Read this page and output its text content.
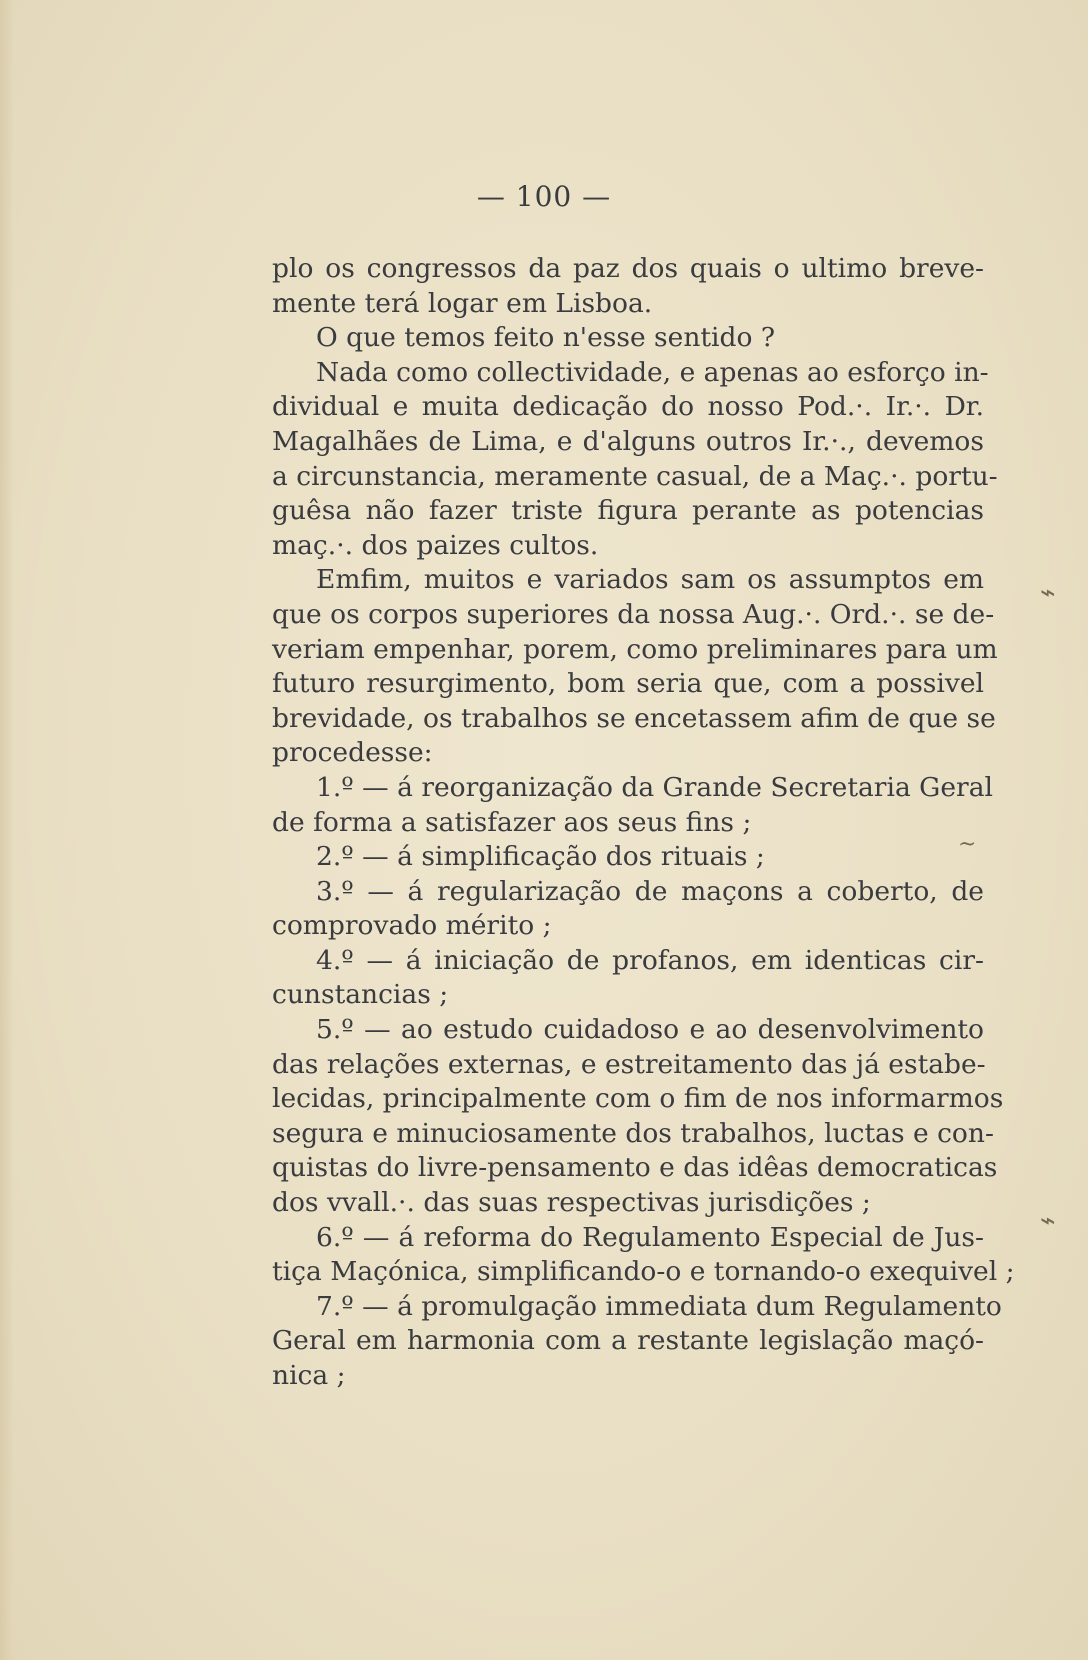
— 100 —
plo os congressos da paz dos quais o ultimo breve-
mente terá logar em Lisboa.
O que temos feito n'esse sentido ?
Nada como collectividade, e apenas ao esforço in-
dividual e muita dedicação do nosso Pod.·. Ir.·. Dr.
Magalhães de Lima, e d'alguns outros Ir.·., devemos
a circunstancia, meramente casual, de a Maç.·. portu-
guêsa não fazer triste figura perante as potencias
maç.·. dos paizes cultos.
Emfim, muitos e variados sam os assumptos em
que os corpos superiores da nossa Aug.·. Ord.·. se de-
veriam empenhar, porem, como preliminares para um
futuro resurgimento, bom seria que, com a possivel
brevidade, os trabalhos se encetassem afim de que se
procedesse:
1.º — á reorganização da Grande Secretaria Geral
de forma a satisfazer aos seus fins ;
2.º — á simplificação dos rituais ;
3.º — á regularização de maçons a coberto, de
comprovado mérito ;
4.º — á iniciação de profanos, em identicas cir-
cunstancias ;
5.º — ao estudo cuidadoso e ao desenvolvimento
das relações externas, e estreitamento das já estabe-
lecidas, principalmente com o fim de nos informarmos
segura e minuciosamente dos trabalhos, luctas e con-
quistas do livre-pensamento e das idêas democraticas
dos vvall.·. das suas respectivas jurisdições ;
6.º — á reforma do Regulamento Especial de Jus-
tiça Maçónica, simplificando-o e tornando-o exequivel ;
7.º — á promulgação immediata dum Regulamento
Geral em harmonia com a restante legislação maçó-
nica ;
⌁
~
⌁
